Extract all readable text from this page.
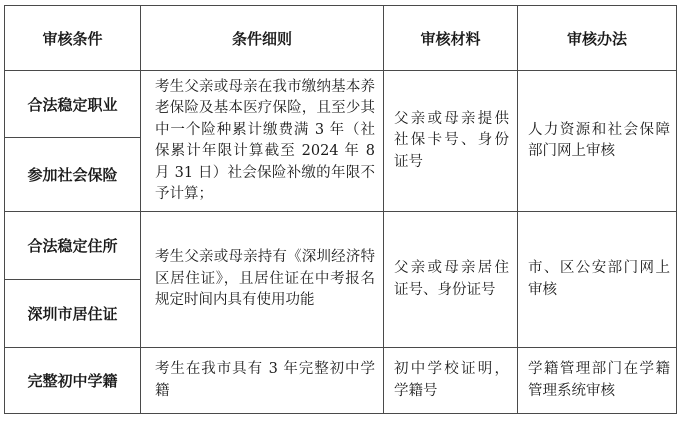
审核条件	条件细则	审核材料	审核办法
合法稳定职业	考生父亲或母亲在我市缴纳基本养老保险及基本医疗保险，且至少其中一个险种累计缴费满 3 年（社保累计年限计算截至 2024 年 8 月 31 日）社会保险补缴的年限不予计算；	父亲或母亲提供社保卡号、身份证号	人力资源和社会保障部门网上审核
参加社会保险			
合法稳定住所	考生父亲或母亲持有《深圳经济特区居住证》，且居住证在中考报名规定时间内具有使用功能	父亲或母亲居住证号、身份证号	市、区公安部门网上审核
深圳市居住证			
完整初中学籍	考生在我市具有 3 年完整初中学籍	初中学校证明，学籍号	学籍管理部门在学籍管理系统审核
